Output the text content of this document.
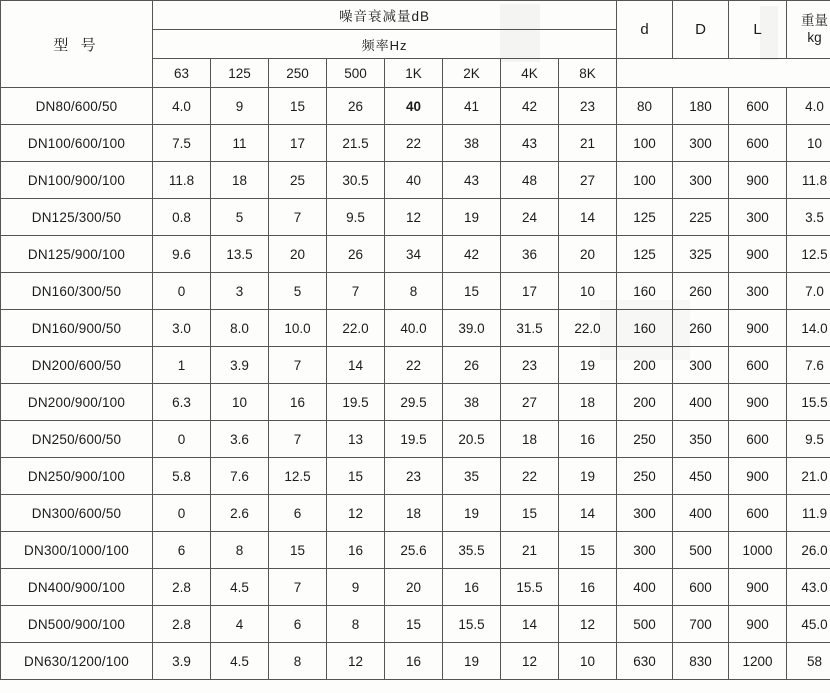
型 号	噪音衰减量dB								d	D	L	重量
kg

	频率Hz											
	63	125	250	500	1K	2K	4K	8K			
DN80/600/50	4.0	9	15	26	40	41	42	23	80	180	600	4.0
DN100/600/100	7.5	11	17	21.5	22	38	43	21	100	300	600	10
DN100/900/100	11.8	18	25	30.5	40	43	48	27	100	300	900	11.8
DN125/300/50	0.8	5	7	9.5	12	19	24	14	125	225	300	3.5
DN125/900/100	9.6	13.5	20	26	34	42	36	20	125	325	900	12.5
DN160/300/50	0	3	5	7	8	15	17	10	160	260	300	7.0
DN160/900/50	3.0	8.0	10.0	22.0	40.0	39.0	31.5	22.0	160	260	900	14.0
DN200/600/50	1	3.9	7	14	22	26	23	19	200	300	600	7.6
DN200/900/100	6.3	10	16	19.5	29.5	38	27	18	200	400	900	15.5
DN250/600/50	0	3.6	7	13	19.5	20.5	18	16	250	350	600	9.5
DN250/900/100	5.8	7.6	12.5	15	23	35	22	19	250	450	900	21.0
DN300/600/50	0	2.6	6	12	18	19	15	14	300	400	600	11.9
DN300/1000/100	6	8	15	16	25.6	35.5	21	15	300	500	1000	26.0
DN400/900/100	2.8	4.5	7	9	20	16	15.5	16	400	600	900	43.0
DN500/900/100	2.8	4	6	8	15	15.5	14	12	500	700	900	45.0
DN630/1200/100	3.9	4.5	8	12	16	19	12	10	630	830	1200	58
